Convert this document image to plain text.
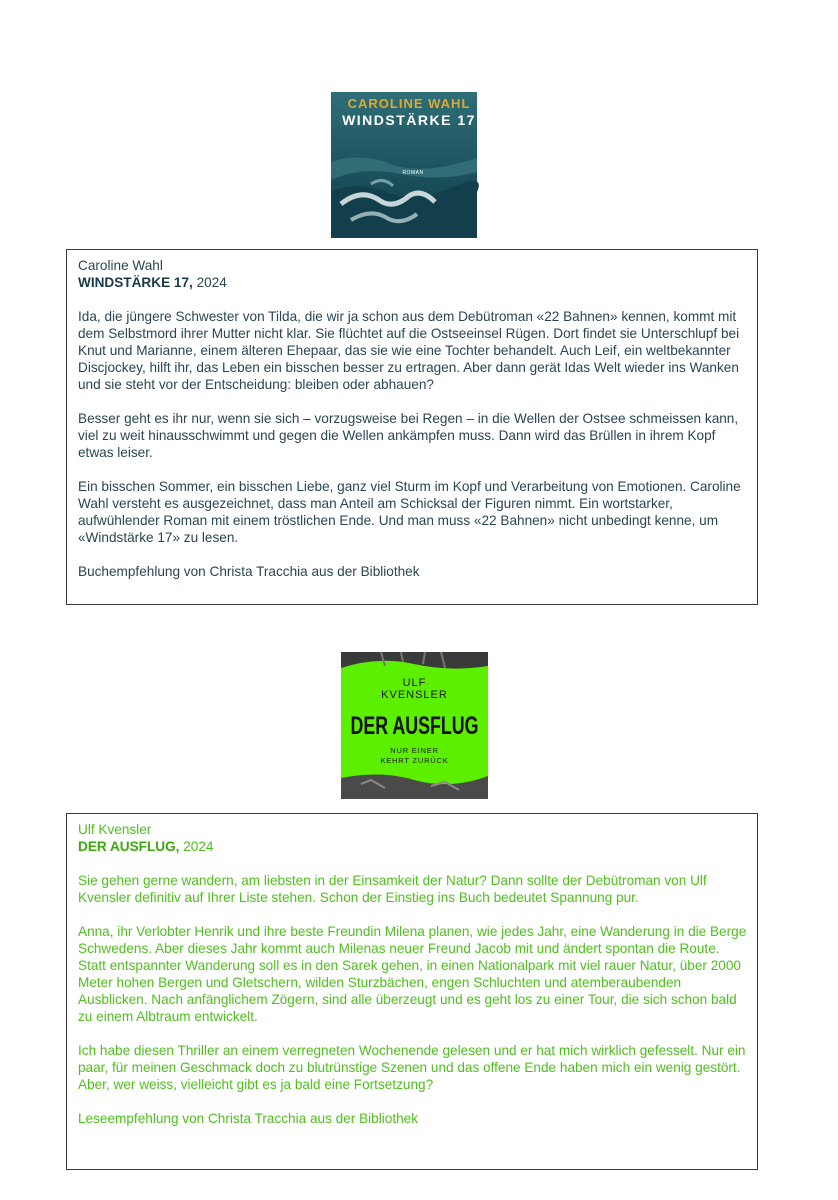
CAROLINE WAHL
WINDSTÄRKE 17
ROMAN

Caroline Wahl

WINDSTÄRKE 17, 2024

Ida, die jüngere Schwester von Tilda, die wir ja schon aus dem Debütroman «22 Bahnen» kennen, kommt mit dem Selbstmord ihrer Mutter nicht klar. Sie flüchtet auf die Ostseeinsel Rügen. Dort findet sie Unterschlupf bei Knut und Marianne, einem älteren Ehepaar, das sie wie eine Tochter behandelt. Auch Leif, ein weltbekannter Discjockey, hilft ihr, das Leben ein bisschen besser zu ertragen. Aber dann gerät Idas Welt wieder ins Wanken und sie steht vor der Entscheidung: bleiben oder abhauen?

Besser geht es ihr nur, wenn sie sich – vorzugsweise bei Regen – in die Wellen der Ostsee schmeissen kann, viel zu weit hinausschwimmt und gegen die Wellen ankämpfen muss. Dann wird das Brüllen in ihrem Kopf etwas leiser.

Ein bisschen Sommer, ein bisschen Liebe, ganz viel Sturm im Kopf und Verarbeitung von Emotionen. Caroline Wahl versteht es ausgezeichnet, dass man Anteil am Schicksal der Figuren nimmt. Ein wortstarker, aufwühlender Roman mit einem tröstlichen Ende. Und man muss «22 Bahnen» nicht unbedingt kenne, um «Windstärke 17» zu lesen.

Buchempfehlung von Christa Tracchia aus der Bibliothek

ULF
KVENSLER
DER AUSFLUG
NUR EINER
KEHRT ZURÜCK

Ulf Kvensler

DER AUSFLUG, 2024

Sie gehen gerne wandern, am liebsten in der Einsamkeit der Natur? Dann sollte der Debütroman von Ulf Kvensler definitiv auf Ihrer Liste stehen. Schon der Einstieg ins Buch bedeutet Spannung pur.

Anna, ihr Verlobter Henrik und ihre beste Freundin Milena planen, wie jedes Jahr, eine Wanderung in die Berge Schwedens. Aber dieses Jahr kommt auch Milenas neuer Freund Jacob mit und ändert spontan die Route. Statt entspannter Wanderung soll es in den Sarek gehen, in einen Nationalpark mit viel rauer Natur, über 2000 Meter hohen Bergen und Gletschern, wilden Sturzbächen, engen Schluchten und atemberaubenden Ausblicken. Nach anfänglichem Zögern, sind alle überzeugt und es geht los zu einer Tour, die sich schon bald zu einem Albtraum entwickelt.

Ich habe diesen Thriller an einem verregneten Wochenende gelesen und er hat mich wirklich gefesselt. Nur ein paar, für meinen Geschmack doch zu blutrünstige Szenen und das offene Ende haben mich ein wenig gestört. Aber, wer weiss, vielleicht gibt es ja bald eine Fortsetzung?

Leseempfehlung von Christa Tracchia aus der Bibliothek
